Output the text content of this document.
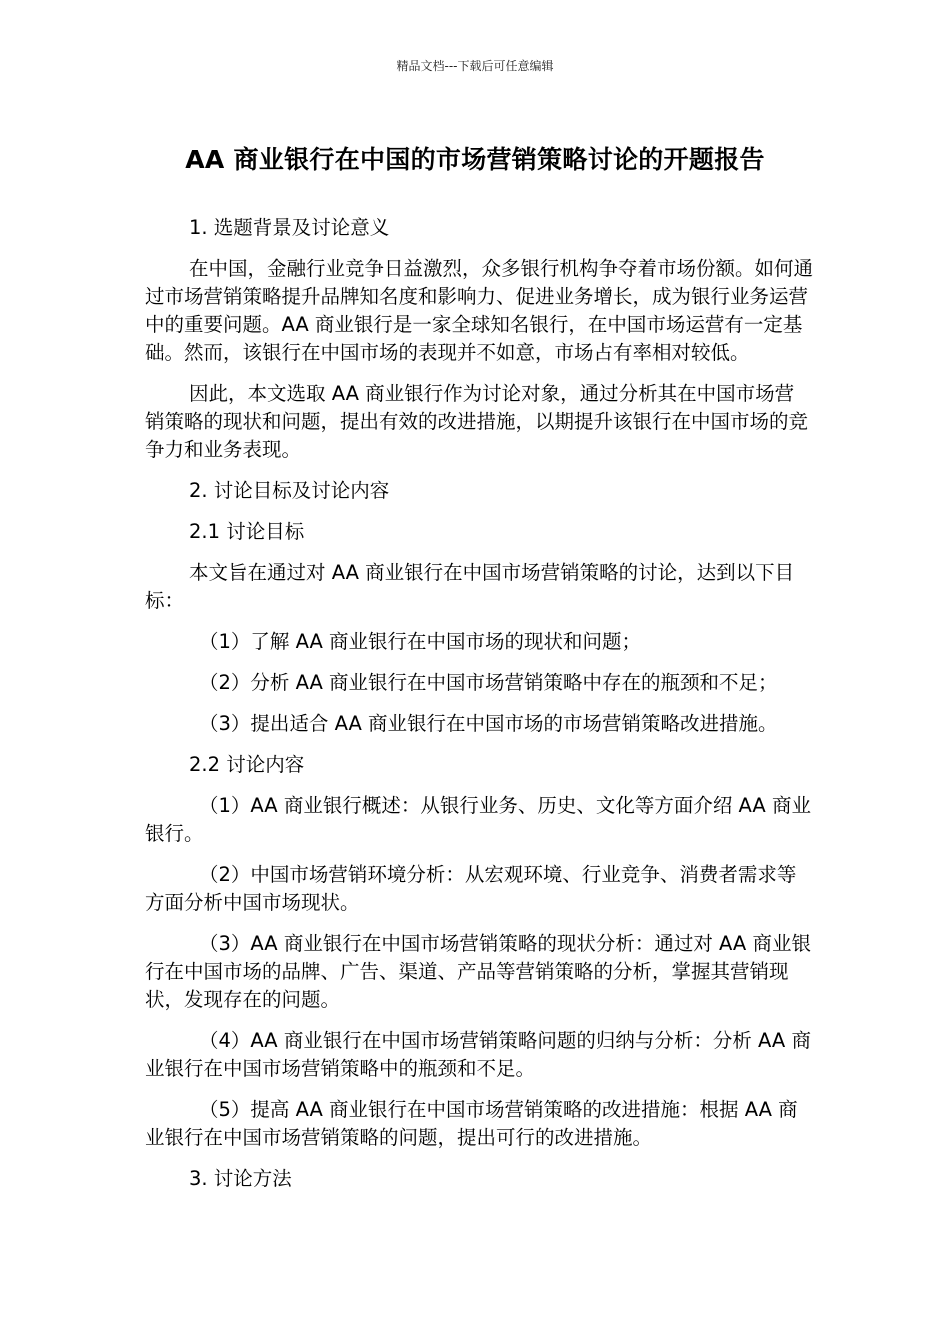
精品文档---下载后可任意编辑
AA 商业银行在中国的市场营销策略讨论的开题报告

1. 选题背景及讨论意义

在中国，金融行业竞争日益激烈，众多银行机构争夺着市场份额。如何通过市场营销策略提升品牌知名度和影响力、促进业务增长，成为银行业务运营中的重要问题。AA 商业银行是一家全球知名银行，在中国市场运营有一定基础。然而，该银行在中国市场的表现并不如意，市场占有率相对较低。

因此，本文选取 AA 商业银行作为讨论对象，通过分析其在中国市场营销策略的现状和问题，提出有效的改进措施，以期提升该银行在中国市场的竞争力和业务表现。

2. 讨论目标及讨论内容

2.1 讨论目标

本文旨在通过对 AA 商业银行在中国市场营销策略的讨论，达到以下目标：

（1）了解 AA 商业银行在中国市场的现状和问题；

（2）分析 AA 商业银行在中国市场营销策略中存在的瓶颈和不足；

（3）提出适合 AA 商业银行在中国市场的市场营销策略改进措施。

2.2 讨论内容

（1）AA 商业银行概述：从银行业务、历史、文化等方面介绍 AA 商业银行。

（2）中国市场营销环境分析：从宏观环境、行业竞争、消费者需求等方面分析中国市场现状。

（3）AA 商业银行在中国市场营销策略的现状分析：通过对 AA 商业银行在中国市场的品牌、广告、渠道、产品等营销策略的分析，掌握其营销现状，发现存在的问题。

（4）AA 商业银行在中国市场营销策略问题的归纳与分析：分析 AA 商业银行在中国市场营销策略中的瓶颈和不足。

（5）提高 AA 商业银行在中国市场营销策略的改进措施：根据 AA 商业银行在中国市场营销策略的问题，提出可行的改进措施。

3. 讨论方法
